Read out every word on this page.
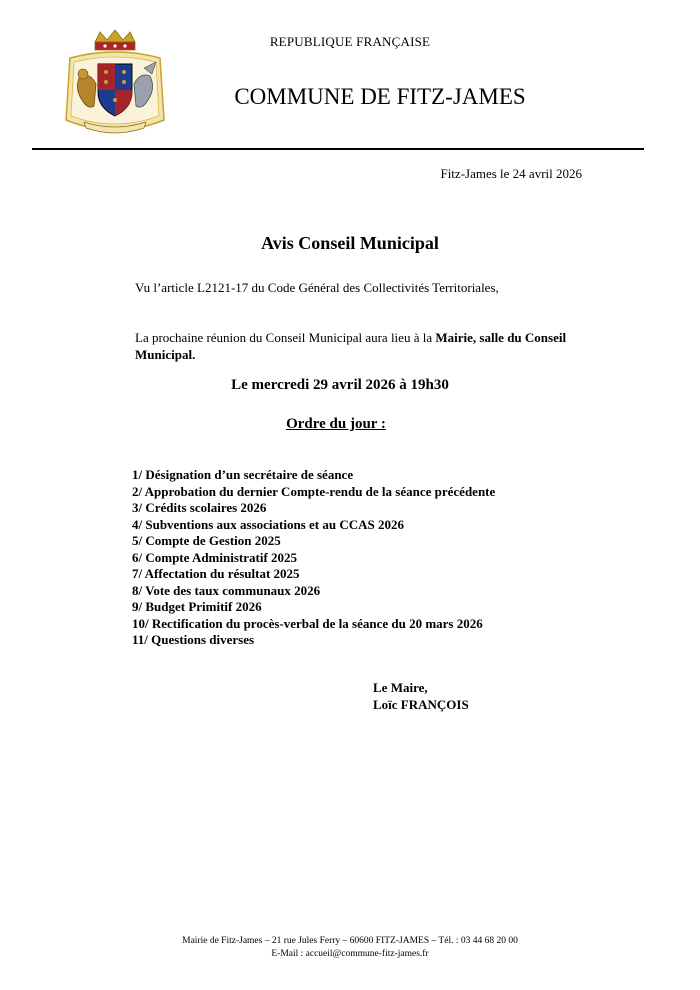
REPUBLIQUE FRANÇAISE
COMMUNE DE FITZ-JAMES
Fitz-James le 24 avril 2026
Avis Conseil Municipal
Vu l’article L2121-17 du Code Général des Collectivités Territoriales,
La prochaine réunion du Conseil Municipal aura lieu à la Mairie, salle du Conseil Municipal.
Le mercredi 29 avril 2026 à 19h30
Ordre du jour :
1/ Désignation d’un secrétaire de séance
2/ Approbation du dernier Compte-rendu de la séance précédente
3/ Crédits scolaires 2026
4/ Subventions aux associations et au CCAS 2026
5/ Compte de Gestion 2025
6/ Compte Administratif 2025
7/ Affectation du résultat 2025
8/ Vote des taux communaux 2026
9/ Budget Primitif 2026
10/ Rectification du procès-verbal de la séance du 20 mars 2026
11/ Questions diverses
Le Maire,
Loïc FRANÇOIS
Mairie de Fitz-James – 21 rue Jules Ferry – 60600 FITZ-JAMES – Tél. : 03 44 68 20 00
E-Mail : accueil@commune-fitz-james.fr
